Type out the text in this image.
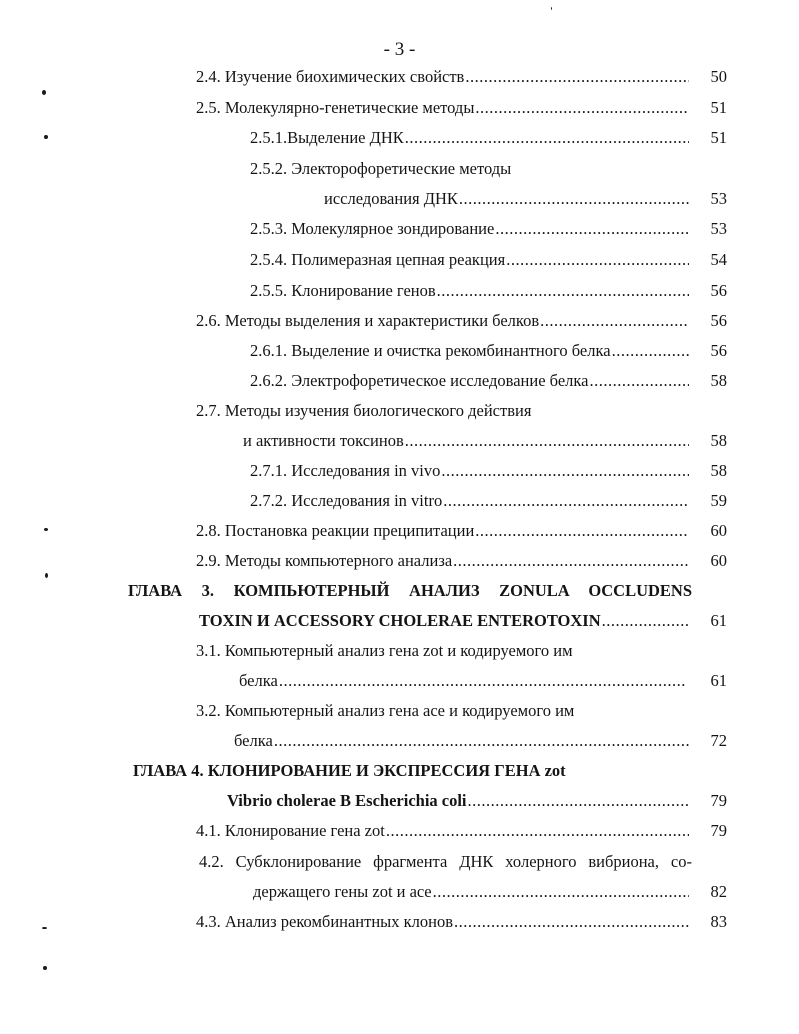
- 3 -
2.4. Изучение биохимических свойств .....	50
2.5. Молекулярно-генетические методы .....	51
2.5.1.Выделение ДНК .....	51
2.5.2. Электорофоретические методы
исследования ДНК .....	53
2.5.3. Молекулярное зондирование .....	53
2.5.4. Полимеразная цепная реакция .....	54
2.5.5. Клонирование генов .....	56
2.6. Методы выделения и характеристики белков .....	56
2.6.1. Выделение и очистка рекомбинантного белка .....	56
2.6.2. Электрофоретическое исследование белка .....	58
2.7. Методы изучения биологического действия
и активности токсинов .....	58
2.7.1. Исследования in vivo .....	58
2.7.2. Исследования in vitro .....	59
2.8. Постановка реакции преципитации .....	60
2.9. Методы компьютерного анализа .....	60
ГЛАВА 3. КОМПЬЮТЕРНЫЙ АНАЛИЗ ZONULA OCCLUDENS
TOXIN И ACCESSORY CHOLERAE ENTEROTOXIN .....	61
3.1. Компьютерный анализ гена zot и кодируемого им
белка .....	61
3.2. Компьютерный анализ гена ace и кодируемого им
белка .....	72
ГЛАВА 4. КЛОНИРОВАНИЕ И ЭКСПРЕССИЯ ГЕНА zot
Vibrio cholerae В Escherichia coli .....	79
4.1. Клонирование гена zot .....	79
4.2. Субклонирование фрагмента ДНК холерного вибриона, со-
держащего гены zot и ace .....	82
4.3. Анализ рекомбинантных клонов .....	83
